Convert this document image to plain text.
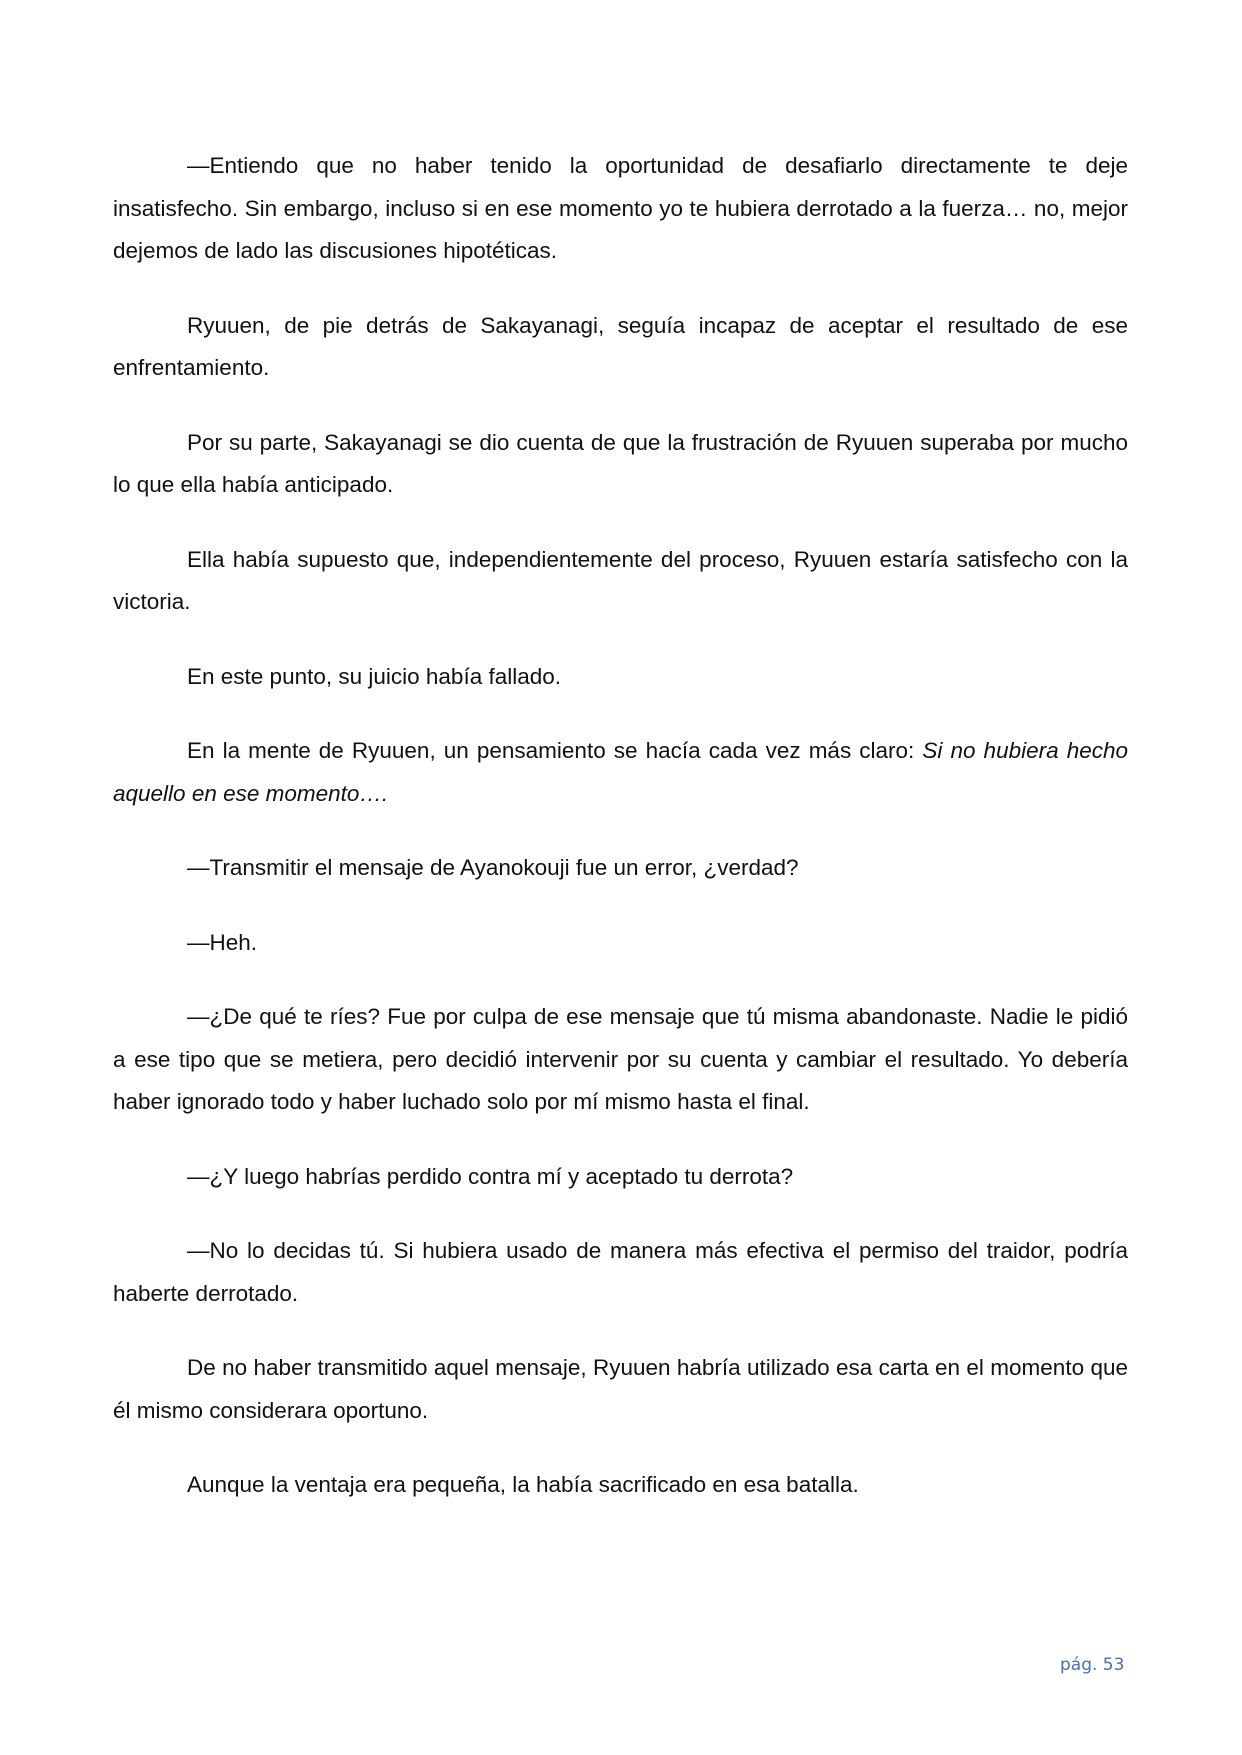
—Entiendo que no haber tenido la oportunidad de desafiarlo directamente te deje insatisfecho. Sin embargo, incluso si en ese momento yo te hubiera derrotado a la fuerza… no, mejor dejemos de lado las discusiones hipotéticas.

Ryuuen, de pie detrás de Sakayanagi, seguía incapaz de aceptar el resultado de ese enfrentamiento.

Por su parte, Sakayanagi se dio cuenta de que la frustración de Ryuuen superaba por mucho lo que ella había anticipado.

Ella había supuesto que, independientemente del proceso, Ryuuen estaría satisfecho con la victoria.

En este punto, su juicio había fallado.

En la mente de Ryuuen, un pensamiento se hacía cada vez más claro: Si no hubiera hecho aquello en ese momento….

—Transmitir el mensaje de Ayanokouji fue un error, ¿verdad?

—Heh.

—¿De qué te ríes? Fue por culpa de ese mensaje que tú misma abandonaste. Nadie le pidió a ese tipo que se metiera, pero decidió intervenir por su cuenta y cambiar el resultado. Yo debería haber ignorado todo y haber luchado solo por mí mismo hasta el final.

—¿Y luego habrías perdido contra mí y aceptado tu derrota?

—No lo decidas tú. Si hubiera usado de manera más efectiva el permiso del traidor, podría haberte derrotado.

De no haber transmitido aquel mensaje, Ryuuen habría utilizado esa carta en el momento que él mismo considerara oportuno.

Aunque la ventaja era pequeña, la había sacrificado en esa batalla.

pág. 53
